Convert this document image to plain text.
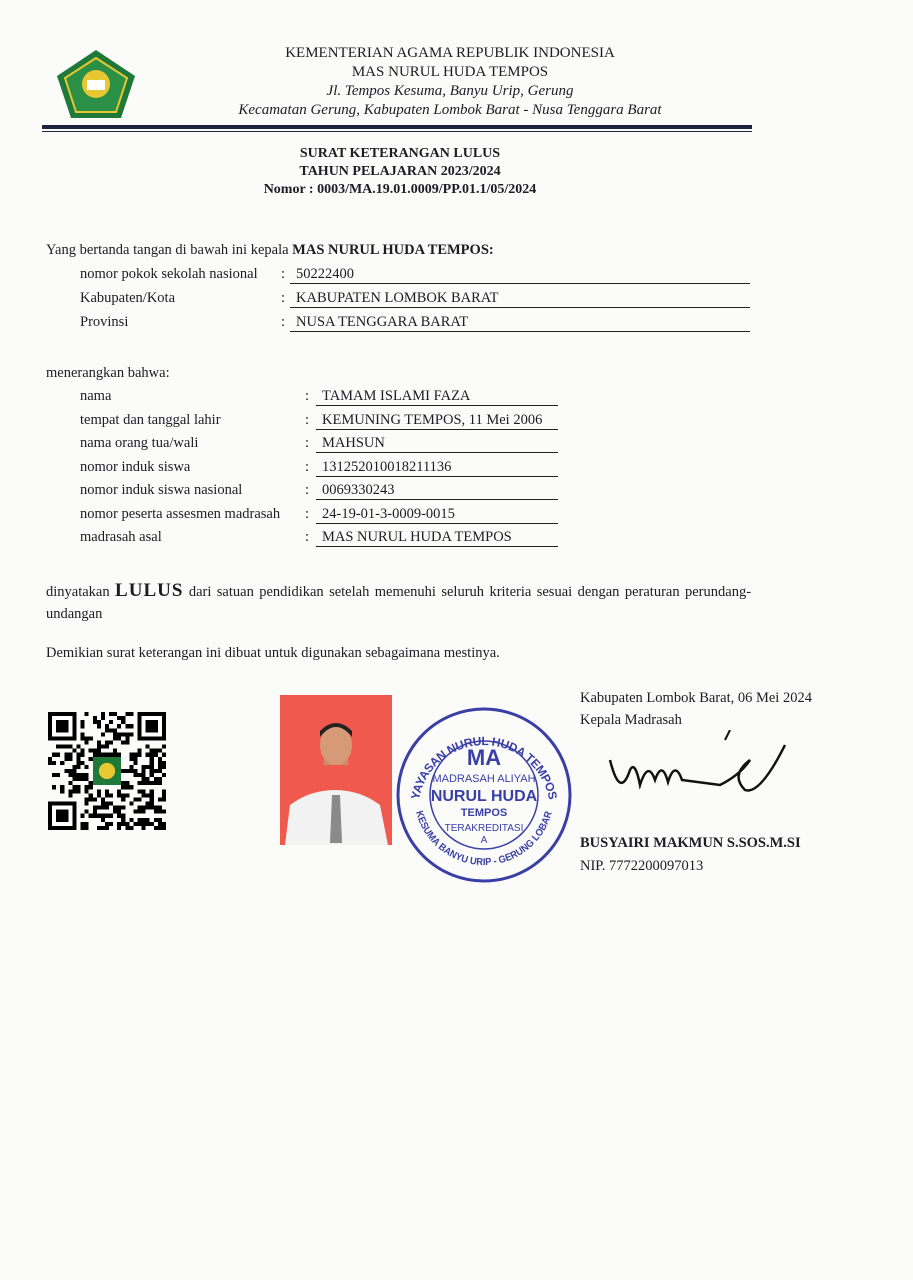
KEMENTERIAN AGAMA REPUBLIK INDONESIA
MAS NURUL HUDA TEMPOS
Jl. Tempos Kesuma, Banyu Urip, Gerung
Kecamatan Gerung, Kabupaten Lombok Barat - Nusa Tenggara Barat
SURAT KETERANGAN LULUS
TAHUN PELAJARAN 2023/2024
Nomor : 0003/MA.19.01.0009/PP.01.1/05/2024
Yang bertanda tangan di bawah ini kepala MAS NURUL HUDA TEMPOS:
nomor pokok sekolah nasional : 50222400
Kabupaten/Kota	: KABUPATEN LOMBOK BARAT
Provinsi	: NUSA TENGGARA BARAT
menerangkan bahwa:
nama	: TAMAM ISLAMI FAZA
tempat dan tanggal lahir	: KEMUNING TEMPOS, 11 Mei 2006
nama orang tua/wali	: MAHSUN
nomor induk siswa	: 131252010018211136
nomor induk siswa nasional	: 0069330243
nomor peserta assesmen madrasah : 24-19-01-3-0009-0015
madrasah asal	: MAS NURUL HUDA TEMPOS
dinyatakan LULUS dari satuan pendidikan setelah memenuhi seluruh kriteria sesuai dengan peraturan perundang-undangan
Demikian surat keterangan ini dibuat untuk digunakan sebagaimana mestinya.
YAYASAN NURUL HUDA TEMPOS
KESUMA BANYU URIP - GERUNG LOBAR
MA
MADRASAH ALIYAH
NURUL HUDA
TEMPOS
TERAKREDITASI
A
Kabupaten Lombok Barat, 06 Mei 2024
Kepala Madrasah
BUSYAIRI MAKMUN S.SOS.M.SI
NIP. 7772200097013
